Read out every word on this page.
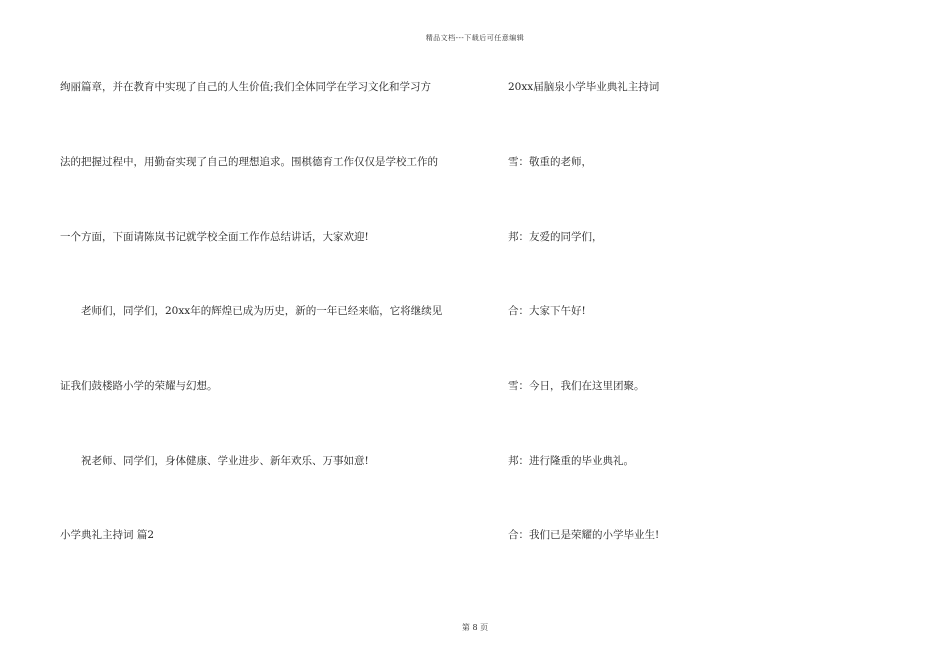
精品文档---下载后可任意编辑
绚丽篇章，并在教育中实现了自己的人生价值;我们全体同学在学习文化和学习方
法的把握过程中，用勤奋实现了自己的理想追求。围棋德育工作仅仅是学校工作的
一个方面，下面请陈岚书记就学校全面工作作总结讲话，大家欢迎!
老师们，同学们，20xx年的辉煌已成为历史，新的一年已经来临，它将继续见
证我们鼓楼路小学的荣耀与幻想。
祝老师、同学们，身体健康、学业进步、新年欢乐、万事如意!
小学典礼主持词 篇2
20xx届脑泉小学毕业典礼主持词
雪：敬重的老师，
邦：友爱的同学们，
合：大家下午好!
雪：今日，我们在这里团聚。
邦：进行隆重的毕业典礼。
合：我们已是荣耀的小学毕业生!
第 8 页
